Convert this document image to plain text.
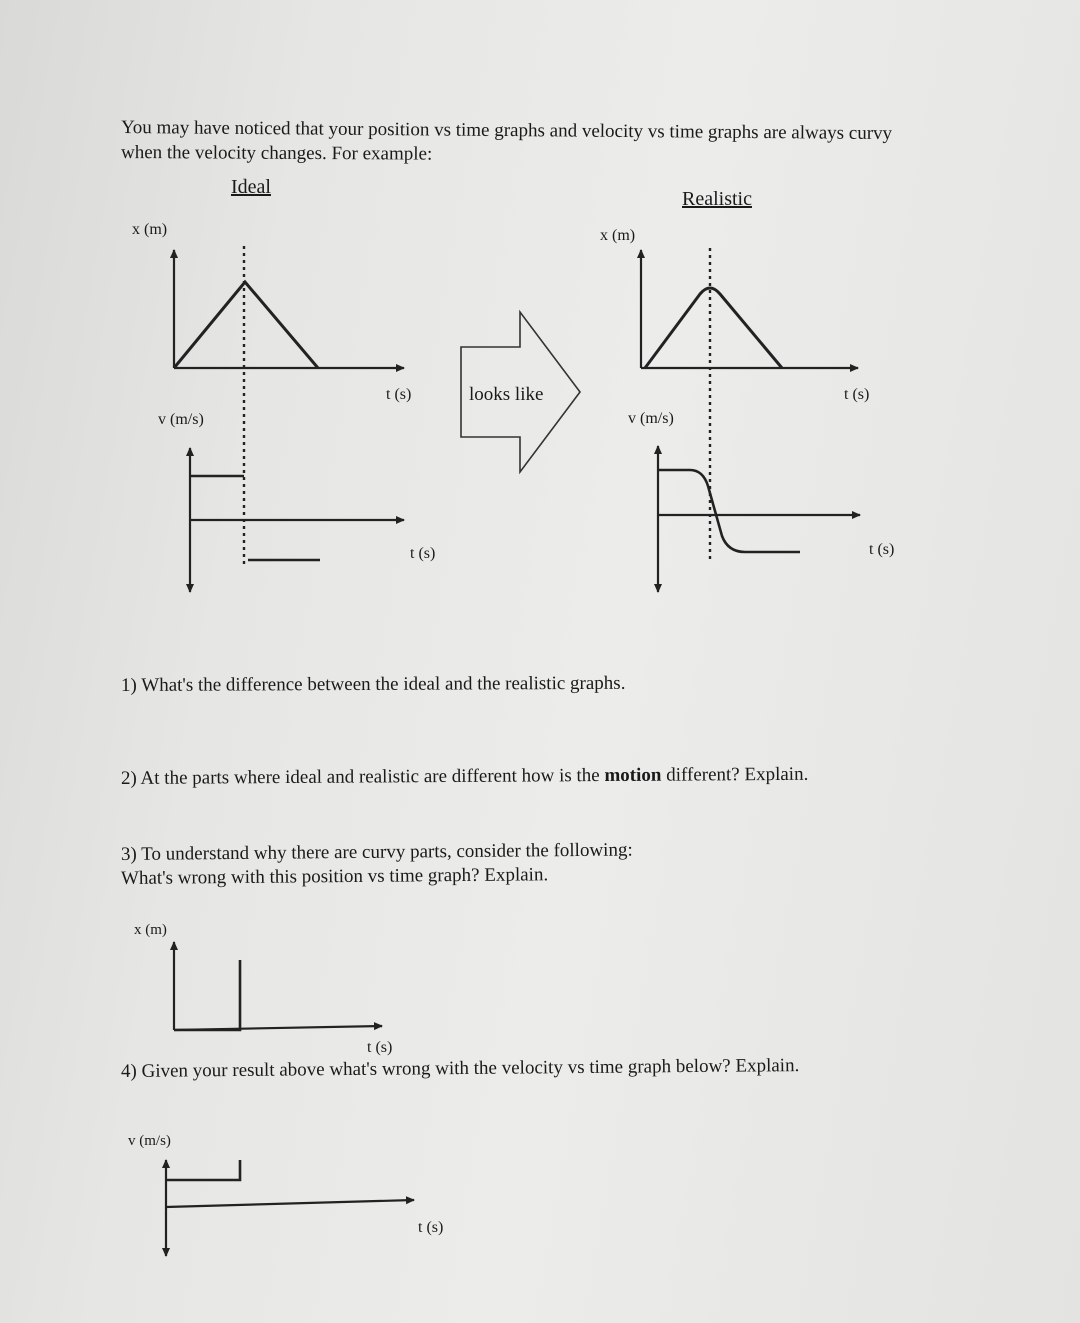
You may have noticed that your position vs time graphs and velocity vs time graphs are always curvy
when the velocity changes. For example:
Ideal
Realistic
x (m)
t (s)
v (m/s)
t (s)
looks like
x (m)
t (s)
v (m/s)
t (s)
1) What's the difference between the ideal and the realistic graphs.
2) At the parts where ideal and realistic are different how is the motion different? Explain.
3) To understand why there are curvy parts, consider the following:
What's wrong with this position vs time graph? Explain.
x (m)
t (s)
4) Given your result above what's wrong with the velocity vs time graph below? Explain.
v (m/s)
t (s)
